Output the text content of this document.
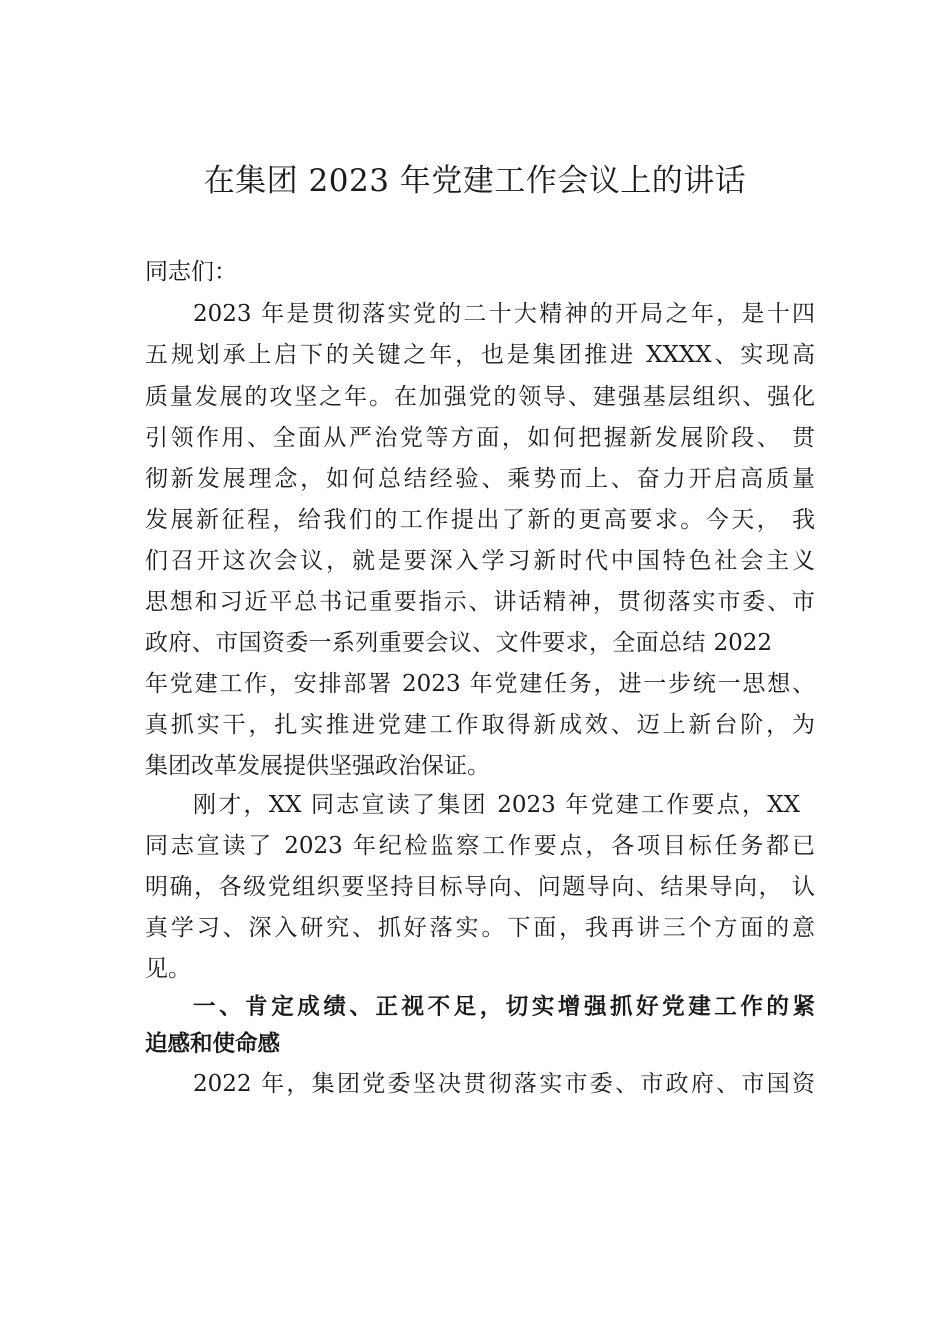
在集团 2023 年党建工作会议上的讲话
同志们：
2023 年是贯彻落实党的二十大精神的开局之年，是十四
五规划承上启下的关键之年，也是集团推进 XXXX、实现高
质量发展的攻坚之年。在加强党的领导、建强基层组织、强化
引领作用、全面从严治党等方面，如何把握新发展阶段、 贯
彻新发展理念，如何总结经验、乘势而上、奋力开启高质量
发展新征程，给我们的工作提出了新的更高要求。今天， 我
们召开这次会议，就是要深入学习新时代中国特色社会主义
思想和习近平总书记重要指示、讲话精神，贯彻落实市委、市
政府、市国资委一系列重要会议、文件要求，全面总结 2022
年党建工作，安排部署 2023 年党建任务，进一步统一思想、
真抓实干，扎实推进党建工作取得新成效、迈上新台阶，为
集团改革发展提供坚强政治保证。
刚才，XX 同志宣读了集团 2023 年党建工作要点，XX
同志宣读了 2023 年纪检监察工作要点，各项目标任务都已
明确，各级党组织要坚持目标导向、问题导向、结果导向， 认
真学习、深入研究、抓好落实。下面，我再讲三个方面的意
见。
一、肯定成绩、正视不足，切实增强抓好党建工作的紧
迫感和使命感
2022 年，集团党委坚决贯彻落实市委、市政府、市国资
